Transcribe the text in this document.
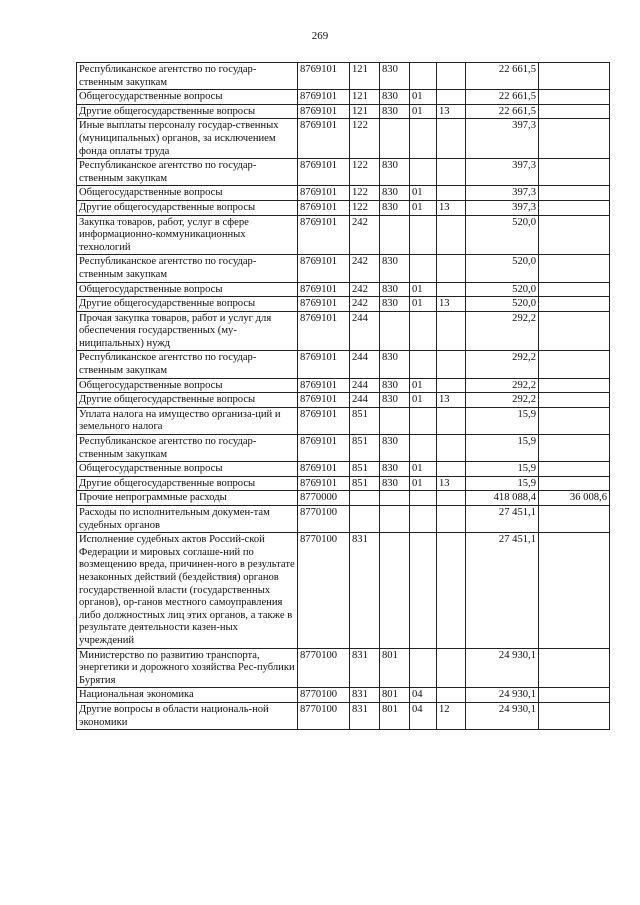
269
Республиканское агентство по государ-ственным закупкам	8769101	121	830			22 661,5	
Общегосударственные вопросы	8769101	121	830	01		22 661,5	
Другие общегосударственные вопросы	8769101	121	830	01	13	22 661,5	
Иные выплаты персоналу государ-ственных (муниципальных) органов, за исключением фонда оплаты труда	8769101	122				397,3	
Республиканское агентство по государ-ственным закупкам	8769101	122	830			397,3	
Общегосударственные вопросы	8769101	122	830	01		397,3	
Другие общегосударственные вопросы	8769101	122	830	01	13	397,3	
Закупка товаров, работ, услуг в сфере информационно-коммуникационных технологий	8769101	242				520,0	
Республиканское агентство по государ-ственным закупкам	8769101	242	830			520,0	
Общегосударственные вопросы	8769101	242	830	01		520,0	
Другие общегосударственные вопросы	8769101	242	830	01	13	520,0	
Прочая закупка товаров, работ и услуг для обеспечения государственных (му-ниципальных) нужд	8769101	244				292,2	
Республиканское агентство по государ-ственным закупкам	8769101	244	830			292,2	
Общегосударственные вопросы	8769101	244	830	01		292,2	
Другие общегосударственные вопросы	8769101	244	830	01	13	292,2	
Уплата налога на имущество организа-ций и земельного налога	8769101	851				15,9	
Республиканское агентство по государ-ственным закупкам	8769101	851	830			15,9	
Общегосударственные вопросы	8769101	851	830	01		15,9	
Другие общегосударственные вопросы	8769101	851	830	01	13	15,9	
Прочие непрограммные расходы	8770000					418 088,4	36 008,6
Расходы по исполнительным докумен-там судебных органов	8770100					27 451,1	
Исполнение судебных актов Россий-ской Федерации и мировых соглаше-ний по возмещению вреда, причинен-ного в результате незаконных действий (бездействия) органов государственной власти (государственных органов), ор-ганов местного самоуправления либо должностных лиц этих органов, а также в результате деятельности казен-ных учреждений	8770100	831				27 451,1	
Министерство по развитию транспорта, энергетики и дорожного хозяйства Рес-публики Бурятия	8770100	831	801			24 930,1	
Национальная экономика	8770100	831	801	04		24 930,1	
Другие вопросы в области националь-ной экономики	8770100	831	801	04	12	24 930,1	
